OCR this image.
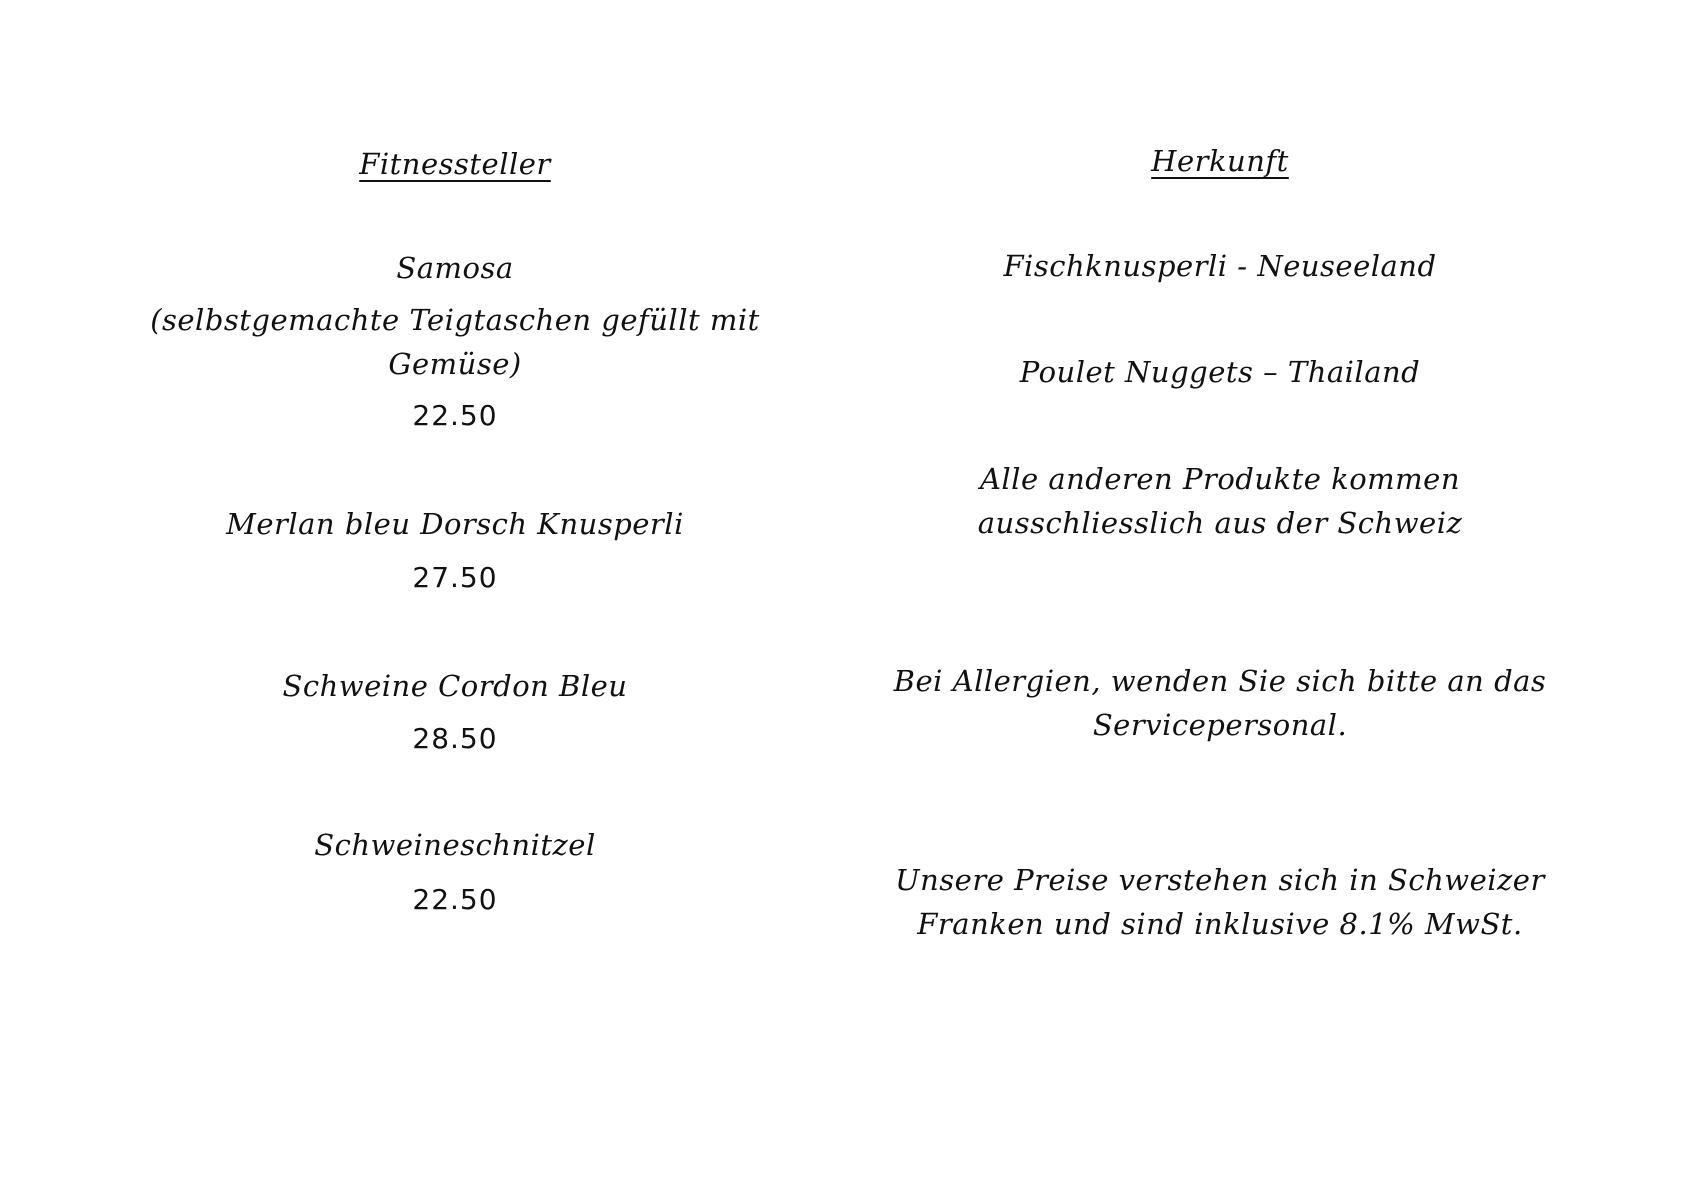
Fitnessteller
Samosa
(selbstgemachte Teigtaschen gefüllt mit Gemüse)
22.50
Merlan bleu Dorsch Knusperli
27.50
Schweine Cordon Bleu
28.50
Schweineschnitzel
22.50
Herkunft
Fischknusperli - Neuseeland
Poulet Nuggets – Thailand
Alle anderen Produkte kommen ausschliesslich aus der Schweiz
Bei Allergien, wenden Sie sich bitte an das Servicepersonal.
Unsere Preise verstehen sich in Schweizer Franken und sind inklusive 8.1% MwSt.
